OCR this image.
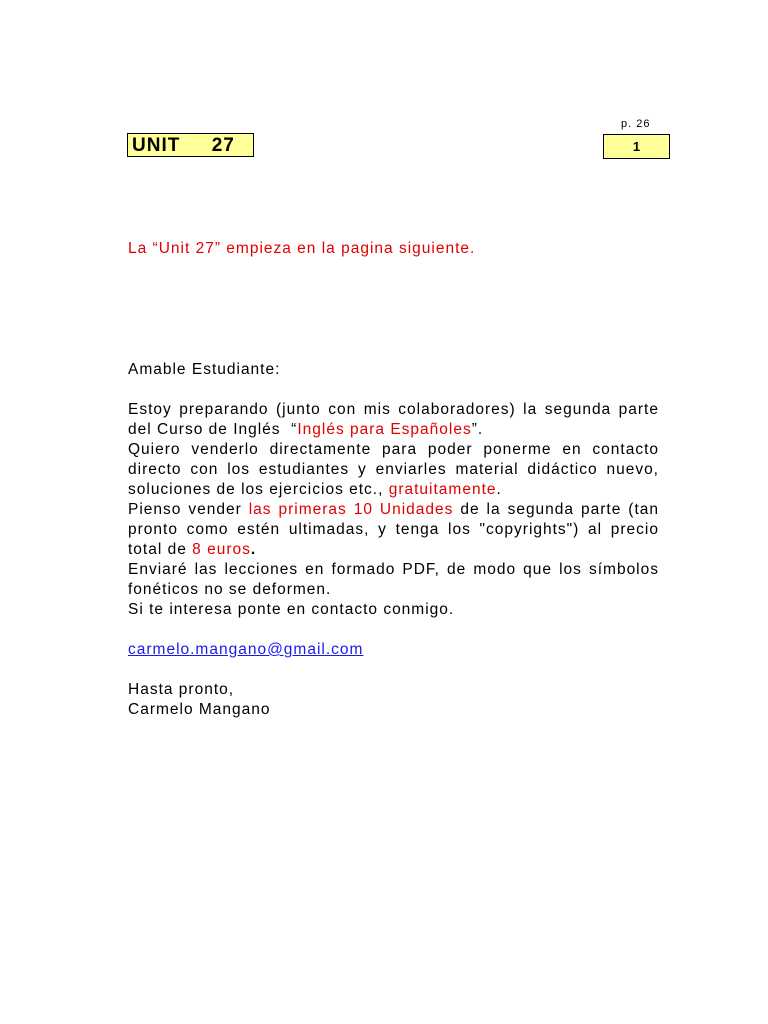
p. 26
UNIT 27	1
La “Unit 27” empieza en la pagina siguiente.

Amable Estudiante:

Estoy preparando (junto con mis colaboradores) la segunda parte del Curso de Inglés  “Inglés para Españoles”.

Quiero venderlo directamente para poder ponerme en contacto directo con los estudiantes y enviarles material didáctico nuevo, soluciones de los ejercicios etc., gratuitamente.

Pienso vender las primeras 10 Unidades de la segunda parte (tan pronto como estén ultimadas, y tenga los "copyrights") al precio total de 8 euros.

Enviaré las lecciones en formado PDF, de modo que los símbolos fonéticos no se deformen.

Si te interesa ponte en contacto conmigo.

carmelo.mangano@gmail.com

Hasta pronto,

Carmelo Mangano
